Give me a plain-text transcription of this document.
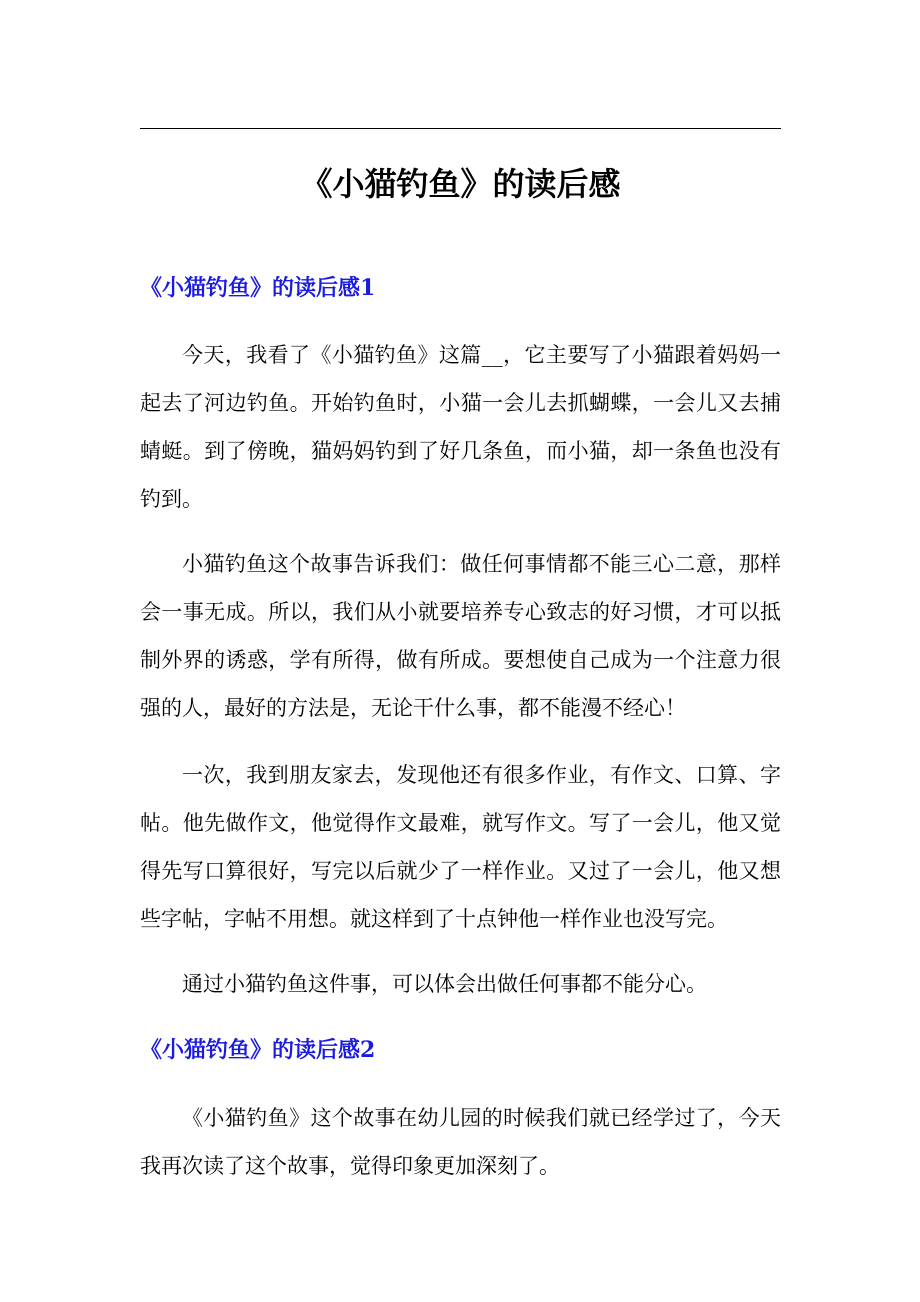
《小猫钓鱼》的读后感
《小猫钓鱼》的读后感1

今天，我看了《小猫钓鱼》这篇__，它主要写了小猫跟着妈妈一起去了河边钓鱼。开始钓鱼时，小猫一会儿去抓蝴蝶，一会儿又去捕蜻蜓。到了傍晚，猫妈妈钓到了好几条鱼，而小猫，却一条鱼也没有钓到。

小猫钓鱼这个故事告诉我们：做任何事情都不能三心二意，那样会一事无成。所以，我们从小就要培养专心致志的好习惯，才可以抵制外界的诱惑，学有所得，做有所成。要想使自己成为一个注意力很强的人，最好的方法是，无论干什么事，都不能漫不经心！

一次，我到朋友家去，发现他还有很多作业，有作文、口算、字帖。他先做作文，他觉得作文最难，就写作文。写了一会儿，他又觉得先写口算很好，写完以后就少了一样作业。又过了一会儿，他又想些字帖，字帖不用想。就这样到了十点钟他一样作业也没写完。

通过小猫钓鱼这件事，可以体会出做任何事都不能分心。

《小猫钓鱼》的读后感2

《小猫钓鱼》这个故事在幼儿园的时候我们就已经学过了，今天我再次读了这个故事，觉得印象更加深刻了。
